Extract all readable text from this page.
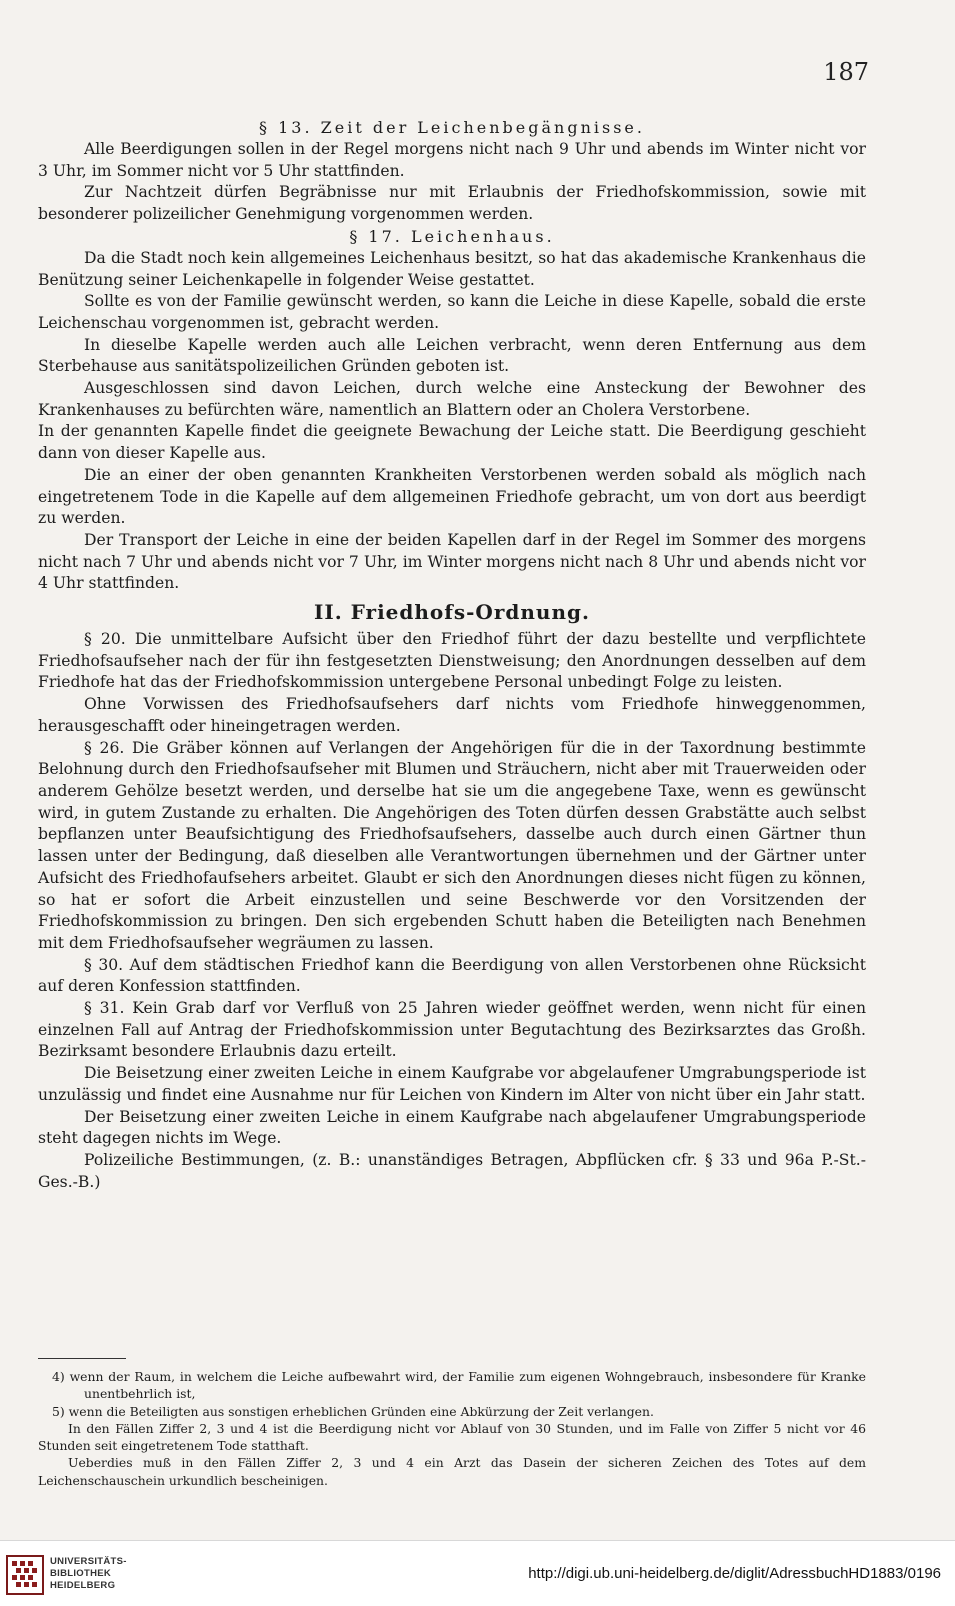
187
§ 13. Zeit der Leichenbegängnisse.

Alle Beerdigungen sollen in der Regel morgens nicht nach 9 Uhr und abends im Winter nicht vor 3 Uhr, im Sommer nicht vor 5 Uhr stattfinden.

Zur Nachtzeit dürfen Begräbnisse nur mit Erlaubnis der Friedhofskommission, sowie mit besonderer polizeilicher Genehmigung vorgenommen werden.

§ 17. Leichenhaus.

Da die Stadt noch kein allgemeines Leichenhaus besitzt, so hat das akademische Krankenhaus die Benützung seiner Leichenkapelle in folgender Weise gestattet.

Sollte es von der Familie gewünscht werden, so kann die Leiche in diese Kapelle, sobald die erste Leichenschau vorgenommen ist, gebracht werden.

In dieselbe Kapelle werden auch alle Leichen verbracht, wenn deren Entfernung aus dem Sterbehause aus sanitätspolizeilichen Gründen geboten ist.

Ausgeschlossen sind davon Leichen, durch welche eine Ansteckung der Bewohner des Krankenhauses zu befürchten wäre, namentlich an Blattern oder an Cholera Verstorbene.

In der genannten Kapelle findet die geeignete Bewachung der Leiche statt. Die Beerdigung geschieht dann von dieser Kapelle aus.

Die an einer der oben genannten Krankheiten Verstorbenen werden sobald als möglich nach eingetretenem Tode in die Kapelle auf dem allgemeinen Friedhofe gebracht, um von dort aus beerdigt zu werden.

Der Transport der Leiche in eine der beiden Kapellen darf in der Regel im Sommer des morgens nicht nach 7 Uhr und abends nicht vor 7 Uhr, im Winter morgens nicht nach 8 Uhr und abends nicht vor 4 Uhr stattfinden.

II. Friedhofs-Ordnung.

§ 20. Die unmittelbare Aufsicht über den Friedhof führt der dazu bestellte und verpflichtete Friedhofsaufseher nach der für ihn festgesetzten Dienstweisung; den Anordnungen desselben auf dem Friedhofe hat das der Friedhofskommission untergebene Personal unbedingt Folge zu leisten.

Ohne Vorwissen des Friedhofsaufsehers darf nichts vom Friedhofe hinweggenommen, herausgeschafft oder hineingetragen werden.

§ 26. Die Gräber können auf Verlangen der Angehörigen für die in der Taxordnung bestimmte Belohnung durch den Friedhofsaufseher mit Blumen und Sträuchern, nicht aber mit Trauerweiden oder anderem Gehölze besetzt werden, und derselbe hat sie um die angegebene Taxe, wenn es gewünscht wird, in gutem Zustande zu erhalten. Die Angehörigen des Toten dürfen dessen Grabstätte auch selbst bepflanzen unter Beaufsichtigung des Friedhofsaufsehers, dasselbe auch durch einen Gärtner thun lassen unter der Bedingung, daß dieselben alle Verantwortungen übernehmen und der Gärtner unter Aufsicht des Friedhofaufsehers arbeitet. Glaubt er sich den Anordnungen dieses nicht fügen zu können, so hat er sofort die Arbeit einzustellen und seine Beschwerde vor den Vorsitzenden der Friedhofskommission zu bringen. Den sich ergebenden Schutt haben die Beteiligten nach Benehmen mit dem Friedhofsaufseher wegräumen zu lassen.

§ 30. Auf dem städtischen Friedhof kann die Beerdigung von allen Verstorbenen ohne Rücksicht auf deren Konfession stattfinden.

§ 31. Kein Grab darf vor Verfluß von 25 Jahren wieder geöffnet werden, wenn nicht für einen einzelnen Fall auf Antrag der Friedhofskommission unter Begutachtung des Bezirksarztes das Großh. Bezirksamt besondere Erlaubnis dazu erteilt.

Die Beisetzung einer zweiten Leiche in einem Kaufgrabe vor abgelaufener Umgrabungsperiode ist unzulässig und findet eine Ausnahme nur für Leichen von Kindern im Alter von nicht über ein Jahr statt.

Der Beisetzung einer zweiten Leiche in einem Kaufgrabe nach abgelaufener Umgrabungsperiode steht dagegen nichts im Wege.

Polizeiliche Bestimmungen, (z. B.: unanständiges Betragen, Abpflücken cfr. § 33 und 96a P.-St.-Ges.-B.)

4) wenn der Raum, in welchem die Leiche aufbewahrt wird, der Familie zum eigenen Wohngebrauch, insbesondere für Kranke unentbehrlich ist,

5) wenn die Beteiligten aus sonstigen erheblichen Gründen eine Abkürzung der Zeit verlangen.

In den Fällen Ziffer 2, 3 und 4 ist die Beerdigung nicht vor Ablauf von 30 Stunden, und im Falle von Ziffer 5 nicht vor 46 Stunden seit eingetretenem Tode statthaft.

Ueberdies muß in den Fällen Ziffer 2, 3 und 4 ein Arzt das Dasein der sicheren Zeichen des Totes auf dem Leichenschauschein urkundlich bescheinigen.

UNIVERSITÄTS-
BIBLIOTHEK
HEIDELBERG
http://digi.ub.uni-heidelberg.de/diglit/AdressbuchHD1883/0196
